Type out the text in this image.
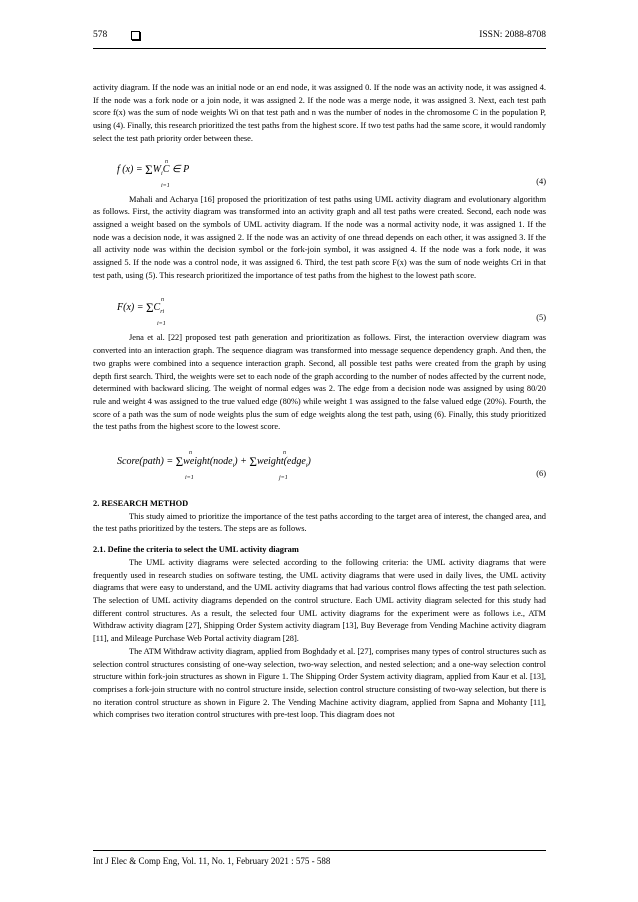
578	ISSN: 2088-8708

activity diagram. If the node was an initial node or an end node, it was assigned 0. If the node was an activity node, it was assigned 4. If the node was a fork node or a join node, it was assigned 2. If the node was a merge node, it was assigned 3. Next, each test path score f(x) was the sum of node weights Wi on that test path and n was the number of nodes in the chromosome C in the population P, using (4). Finally, this research prioritized the test paths from the highest score. If two test paths had the same score, it would randomly select the test path priority order between these.

f $(x) = \Sigma W_iC$ ∈ P
n
i=1	(4)

Mahali and Acharya [16] proposed the prioritization of test paths using UML activity diagram and evolutionary algorithm as follows. First, the activity diagram was transformed into an activity graph and all test paths were created. Second, each node was assigned a weight based on the symbols of UML activity diagram. If the node was a normal activity node, it was assigned 1. If the node was a decision node, it was assigned 2. If the node was an activity of one thread depends on each other, it was assigned 3. If the all activity node was within the decision symbol or the fork-join symbol, it was assigned 4. If the node was a fork node, it was assigned 5. If the node was a control node, it was assigned 6. Third, the test path score F(x) was the sum of node weights Cri in that test path, using (5). This research prioritized the importance of test paths from the highest to the lowest path score.

$F(x) = \Sigma C_{ri}$
n
i=1
(5)

Jena et al. [22] proposed test path generation and prioritization as follows. First, the interaction overview diagram was converted into an interaction graph. The sequence diagram was transformed into message sequence dependency graph. And then, the two graphs were combined into a sequence interaction graph. Second, all possible test paths were created from the graph by using depth first search. Third, the weights were set to each node of the graph according to the number of nodes affected by the current node, determined with backward slicing. The weight of normal edges was 2. The edge from a decision node was assigned by using 80/20 rule and weight 4 was assigned to the true valued edge (80%) while weight 1 was assigned to the false valued edge (20%). Fourth, the score of a path was the sum of node weights plus the sum of edge weights along the test path, using (6). Finally, this study prioritized the test paths from the highest score to the lowest score.

Score(path) = Σweight(node$_i$) + Σweight(edge$_i$)
n
i=1
n
j=1	(6)
2. RESEARCH METHOD

This study aimed to prioritize the importance of the test paths according to the target area of interest, the changed area, and the test paths prioritized by the testers. The steps are as follows.

2.1. Define the criteria to select the UML activity diagram

The UML activity diagrams were selected according to the following criteria: the UML activity diagrams that were frequently used in research studies on software testing, the UML activity diagrams that were used in daily lives, the UML activity diagrams that were easy to understand, and the UML activity diagrams that had various control flows affecting the test path selection. The selection of UML activity diagrams depended on the control structure. Each UML activity diagram selected for this study had different control structures. As a result, the selected four UML activity diagrams for the experiment were as follows i.e., ATM Withdraw activity diagram [27], Shipping Order System activity diagram [13], Buy Beverage from Vending Machine activity diagram [11], and Mileage Purchase Web Portal activity diagram [28].

The ATM Withdraw activity diagram, applied from Boghdady et al. [27], comprises many types of control structures such as selection control structures consisting of one-way selection, two-way selection, and nested selection; and a one-way selection control structure within fork-join structures as shown in Figure 1. The Shipping Order System activity diagram, applied from Kaur et al. [13], comprises a fork-join structure with no control structure inside, selection control structure consisting of two-way selection, but there is no iteration control structure as shown in Figure 2. The Vending Machine activity diagram, applied from Sapna and Mohanty [11], which comprises two iteration control structures with pre-test loop. This diagram does not

Int J Elec & Comp Eng, Vol. 11, No. 1, February 2021 : 575 - 588
